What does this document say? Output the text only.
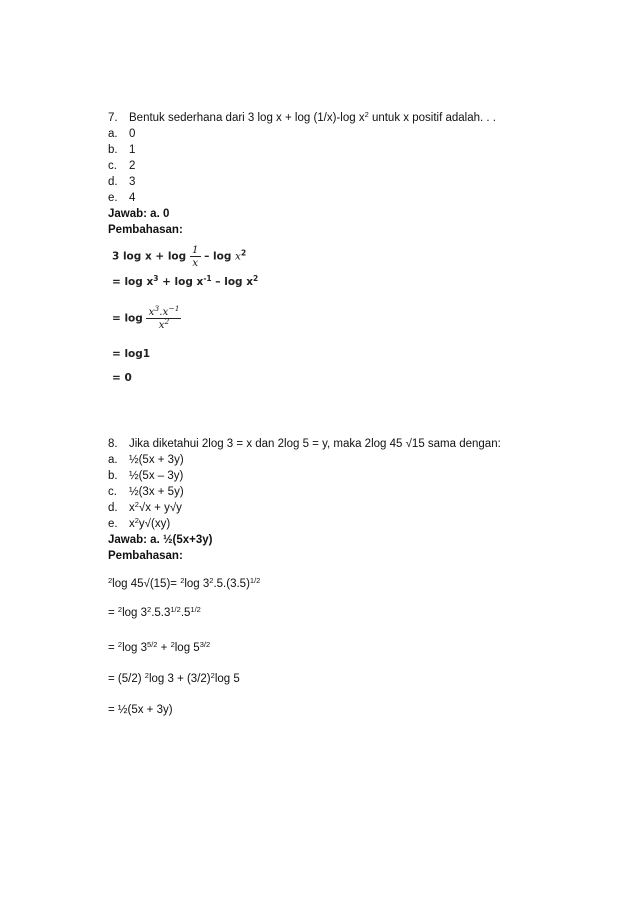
7. Bentuk sederhana dari 3 log x + log (1/x)-log $x^2$ untuk x positif adalah. . .
a. 0
b. 1
c.	2
d. 3
e. 4
Jawab: a. 0
Pembahasan:
3 $\log x + \log \frac{1}{x} - \log x^2$
= $\log x^3 + \log x^{-1} - \log x^2$
= $\log \frac{x^3.x^{-1}}{x^2}$
= log1
= 0
8. Jika diketahui 2log 3 = x dan 2log 5 = y, maka 2log 45 √15 sama dengan:
a. ½(5x + 3y)
b. ½(5x – 3y)
c.	½(3x + 5y)
d. $x^2√x + y√y$
e. $x^2y√(xy)$
Jawab: a. ½(5x+3y)
Pembahasan:
$^2$log 45√(15)= $^2$log $3^2.5.(3.5)^{1/2}$
= $^2$log $3^2.5.3^{1/2}.5^{1/2}$
= $^2$log $3^{5/2} + ^2\log$ $5^{3/2}$
= (5/2) $^2$log $3 + (3/2)^2\log$ 5
= ½(5x + 3y)
